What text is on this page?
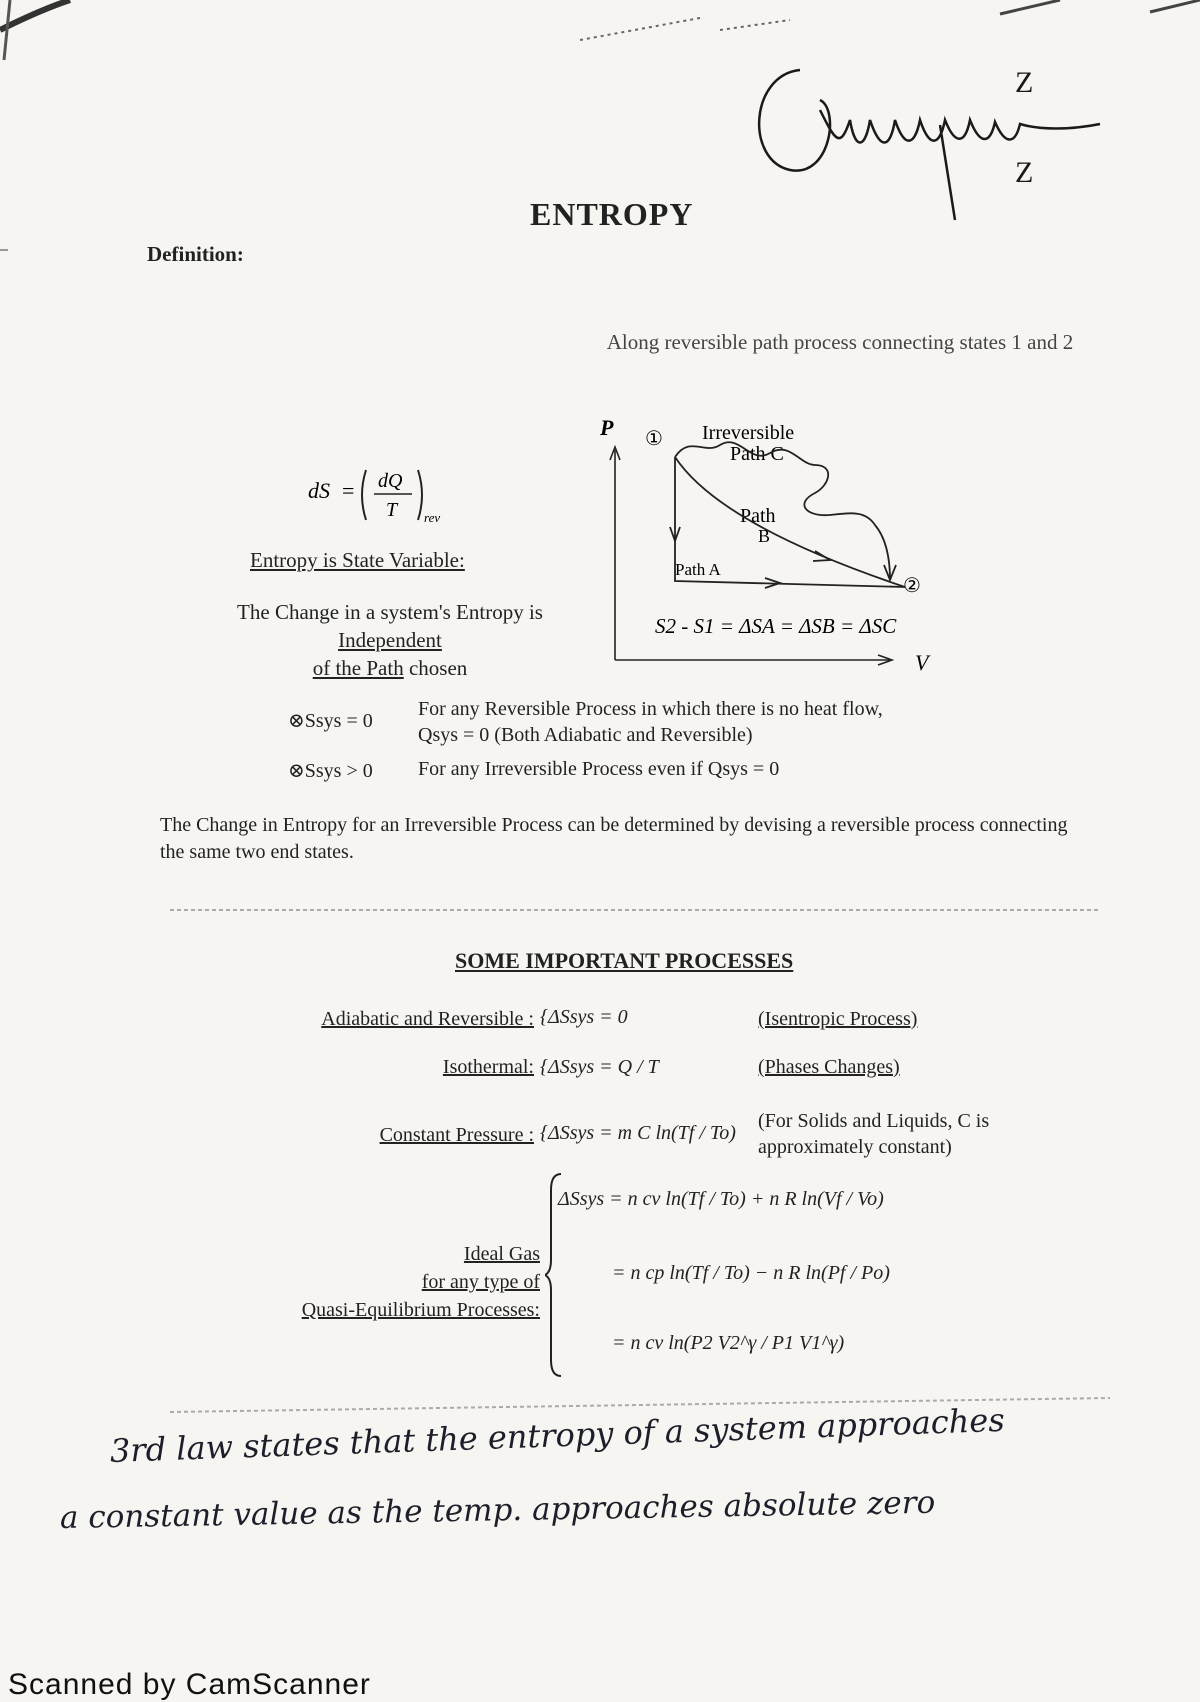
Z
Z
ENTROPY
Definition:
Along reversible path process connecting states 1 and 2
dS = dQ
T rev
Entropy is State Variable:
The Change in a system's Entropy is
Independent
of the Path chosen
P
V
①
②
Irreversible
Path C
Path
B
Path A
S2 - S1 = ΔSA = ΔSB = ΔSC
⊗Ssys = 0
For any Reversible Process in which there is no heat flow,
Qsys = 0 (Both Adiabatic and Reversible)
⊗Ssys > 0 For any Irreversible Process even if Qsys = 0
The Change in Entropy for an Irreversible Process can be determined by devising a reversible process connecting the same two end states.
SOME IMPORTANT PROCESSES
Adiabatic and Reversible : {ΔSsys = 0	(Isentropic Process)
Isothermal: {ΔSsys = Q / T	(Phases Changes)
Constant Pressure : {ΔSsys = m C ln(Tf / To)
(For Solids and Liquids, C is approximately constant)
Ideal Gas
for any type of
Quasi-Equilibrium Processes:
ΔSsys = n cv ln(Tf / To) + n R ln(Vf / Vo)
= n cp ln(Tf / To) − n R ln(Pf / Po)
= n cv ln(P2 V2^γ / P1 V1^γ)
3rd law states that the entropy of a system approaches
a constant value as the temp. approaches absolute zero
Scanned by CamScanner
